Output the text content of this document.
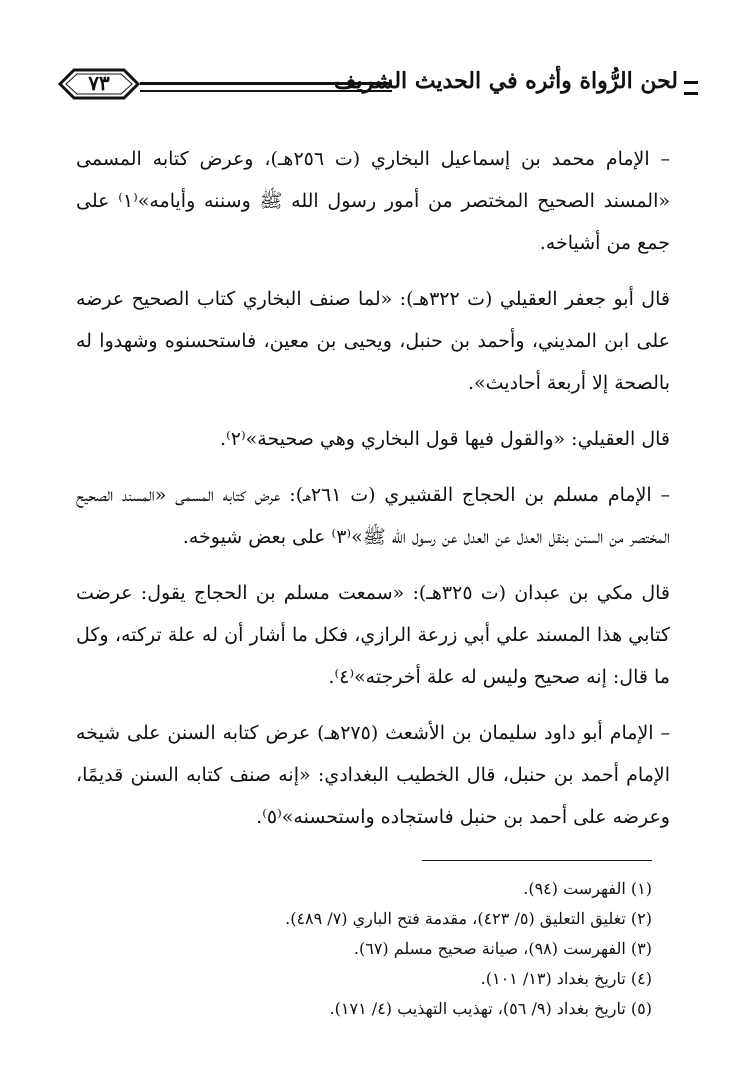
لحن الرُّواة وأثره في الحديث الشريف
٧٣

– الإمام محمد بن إسماعيل البخاري (ت ٢٥٦هـ)، وعرض كتابه المسمى «المسند الصحيح المختصر من أمور رسول الله ﷺ وسننه وأيامه»⁽١⁾ على جمع من أشياخه.

قال أبو جعفر العقيلي (ت ٣٢٢هـ): «لما صنف البخاري كتاب الصحيح عرضه على ابن المديني، وأحمد بن حنبل، ويحيى بن معين، فاستحسنوه وشهدوا له بالصحة إلا أربعة أحاديث».

قال العقيلي: «والقول فيها قول البخاري وهي صحيحة»⁽٢⁾.

– الإمام مسلم بن الحجاج القشيري (ت ٢٦١هـ): عرض كتابه المسمى «المسند الصحيح المختصر من السنن بنقل العدل عن العدل عن رسول الله ﷺ»⁽٣⁾ على بعض شيوخه.

قال مكي بن عبدان (ت ٣٢٥هـ): «سمعت مسلم بن الحجاج يقول: عرضت كتابي هذا المسند علي أبي زرعة الرازي، فكل ما أشار أن له علة تركته، وكل ما قال: إنه صحيح وليس له علة أخرجته»⁽٤⁾.

– الإمام أبو داود سليمان بن الأشعث (٢٧٥هـ) عرض كتابه السنن على شيخه الإمام أحمد بن حنبل، قال الخطيب البغدادي: «إنه صنف كتابه السنن قديمًا، وعرضه على أحمد بن حنبل فاستجاده واستحسنه»⁽٥⁾.

(١) الفهرست (٩٤).

(٢) تغليق التعليق (٥/ ٤٢٣)، مقدمة فتح الباري (٧/ ٤٨٩).

(٣) الفهرست (٩٨)، صيانة صحيح مسلم (٦٧).

(٤) تاريخ بغداد (١٣/ ١٠١).

(٥) تاريخ بغداد (٩/ ٥٦)، تهذيب التهذيب (٤/ ١٧١).
